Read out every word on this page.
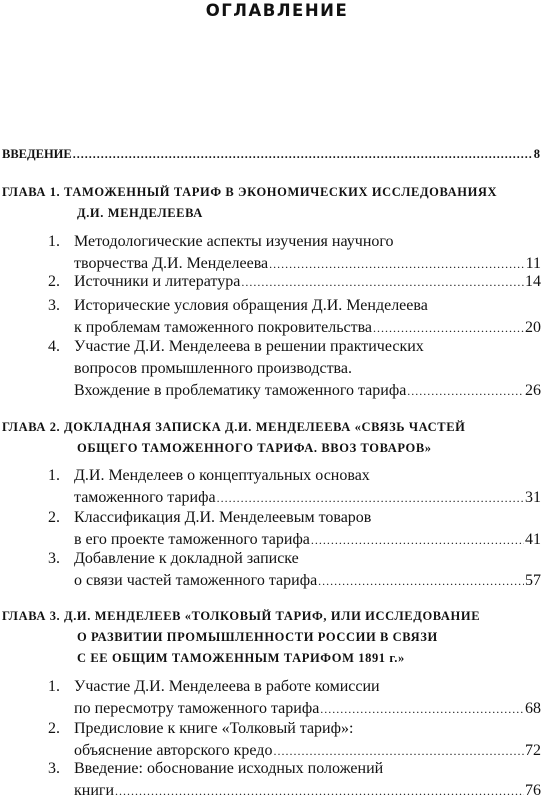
ОГЛАВЛЕНИЕ
ВВЕДЕНИЕ .....	8
ГЛАВА 1. ТАМОЖЕННЫЙ ТАРИФ В ЭКОНОМИЧЕСКИХ ИССЛЕДОВАНИЯХ
Д.И. МЕНДЕЛЕЕВА
1. Методологические аспекты изучения научного
творчества Д.И. Менделеева .....	11
2. Источники и литература .....	14
3. Исторические условия обращения Д.И. Менделеева
к проблемам таможенного покровительства .....	20
4. Участие Д.И. Менделеева в решении практических
вопросов промышленного производства.
Вхождение в проблематику таможенного тарифа .....	26
ГЛАВА 2. ДОКЛАДНАЯ ЗАПИСКА Д.И. МЕНДЕЛЕЕВА «СВЯЗЬ ЧАСТЕЙ
ОБЩЕГО ТАМОЖЕННОГО ТАРИФА. ВВОЗ ТОВАРОВ»
1. Д.И. Менделеев о концептуальных основах
таможенного тарифа .....	31
2. Классификация Д.И. Менделеевым товаров
в его проекте таможенного тарифа .....	41
3. Добавление к докладной записке
о связи частей таможенного тарифа .....	57
ГЛАВА 3. Д.И. МЕНДЕЛЕЕВ «ТОЛКОВЫЙ ТАРИФ, ИЛИ ИССЛЕДОВАНИЕ
О РАЗВИТИИ ПРОМЫШЛЕННОСТИ РОССИИ В СВЯЗИ
С ЕЕ ОБЩИМ ТАМОЖЕННЫМ ТАРИФОМ 1891 г.»
1. Участие Д.И. Менделеева в работе комиссии
по пересмотру таможенного тарифа .....	68
2. Предисловие к книге «Толковый тариф»:
объяснение авторского кредо .....	72
3. Введение: обоснование исходных положений
книги .....	76
